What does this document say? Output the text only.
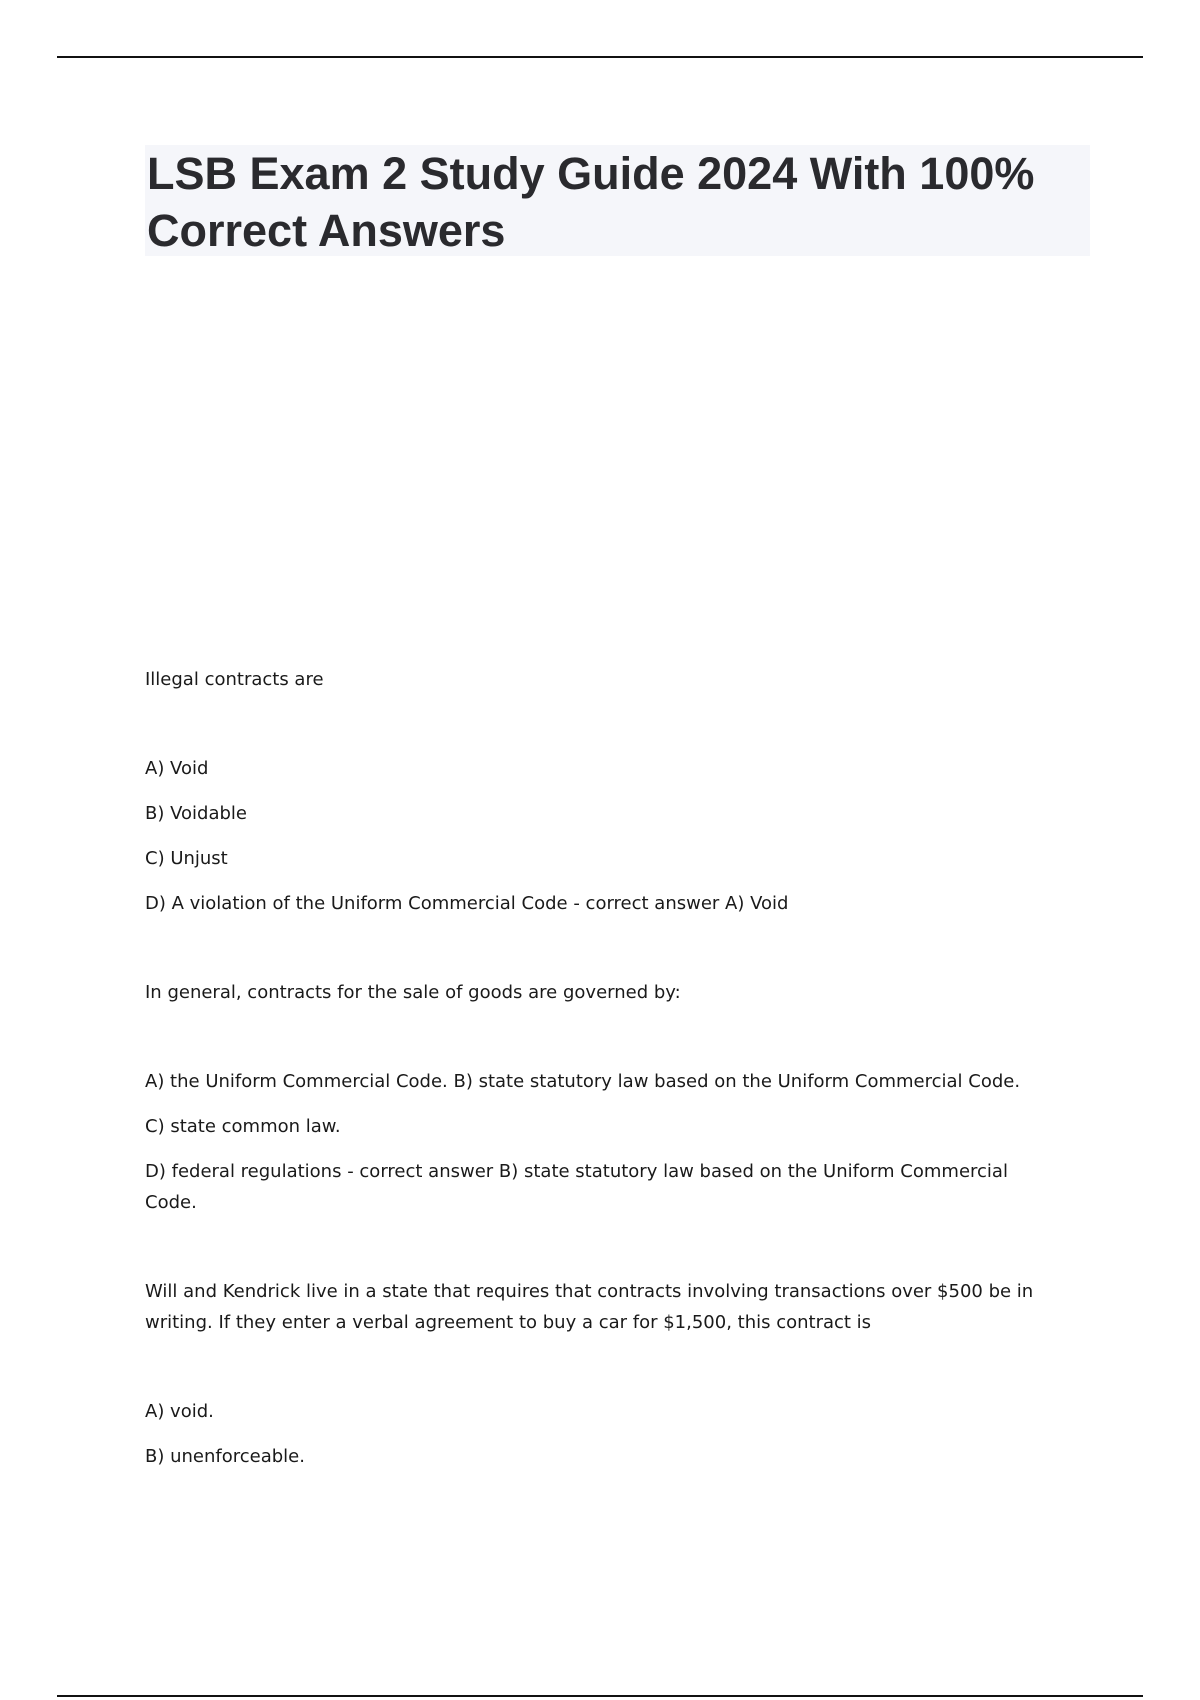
LSB Exam 2 Study Guide 2024 With 100% Correct Answers

Illegal contracts are

A) Void

B) Voidable

C) Unjust

D) A violation of the Uniform Commercial Code - correct answer A) Void

In general, contracts for the sale of goods are governed by:

A) the Uniform Commercial Code. B) state statutory law based on the Uniform Commercial Code.

C) state common law.

D) federal regulations - correct answer B) state statutory law based on the Uniform Commercial Code.

Will and Kendrick live in a state that requires that contracts involving transactions over $500 be in writing. If they enter a verbal agreement to buy a car for $1,500, this contract is

A) void.

B) unenforceable.
